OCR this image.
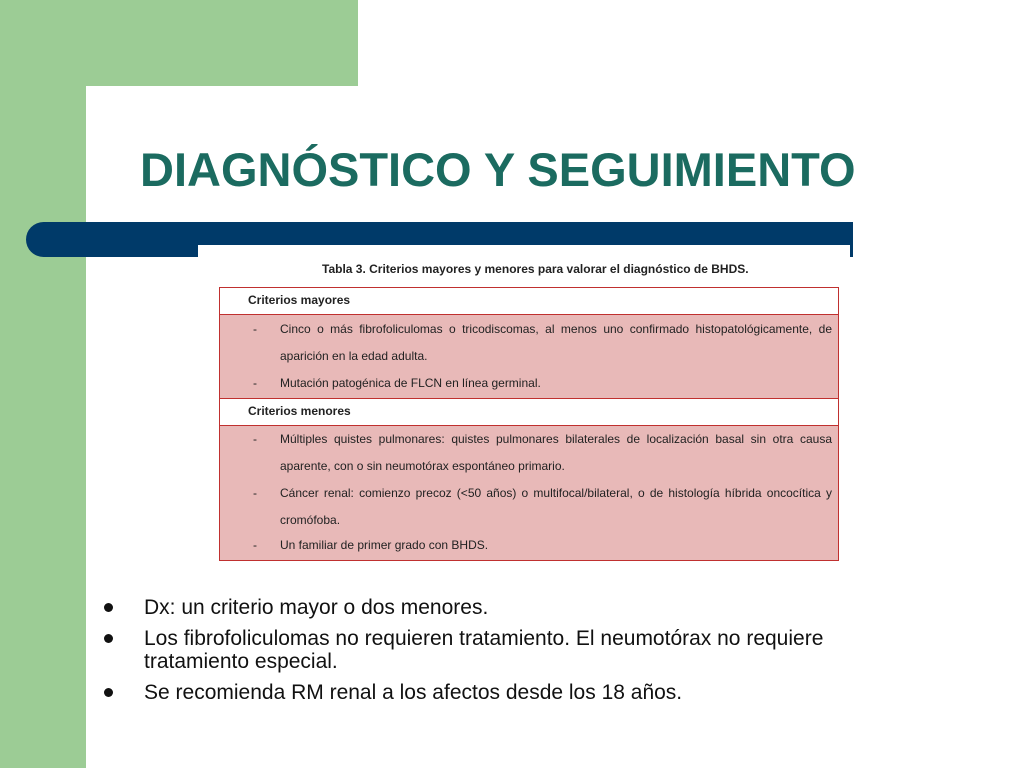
DIAGNÓSTICO Y SEGUIMIENTO

Tabla 3. Criterios mayores y menores para valorar el diagnóstico de BHDS.

Criterios mayores
- Cinco o más fibrofoliculomas o tricodiscomas, al menos uno confirmado histopatológicamente, de aparición en la edad adulta.
- Mutación patogénica de FLCN en línea germinal.
Criterios menores
- Múltiples quistes pulmonares: quistes pulmonares bilaterales de localización basal sin otra causa aparente, con o sin neumotórax espontáneo primario.
- Cáncer renal: comienzo precoz (<50 años) o multifocal/bilateral, o de histología híbrida oncocítica y cromófoba.
- Un familiar de primer grado con BHDS.
Dx: un criterio mayor o dos menores.
Los fibrofoliculomas no requieren tratamiento. El neumotórax no requiere tratamiento especial.
Se recomienda RM renal a los afectos desde los 18 años.
